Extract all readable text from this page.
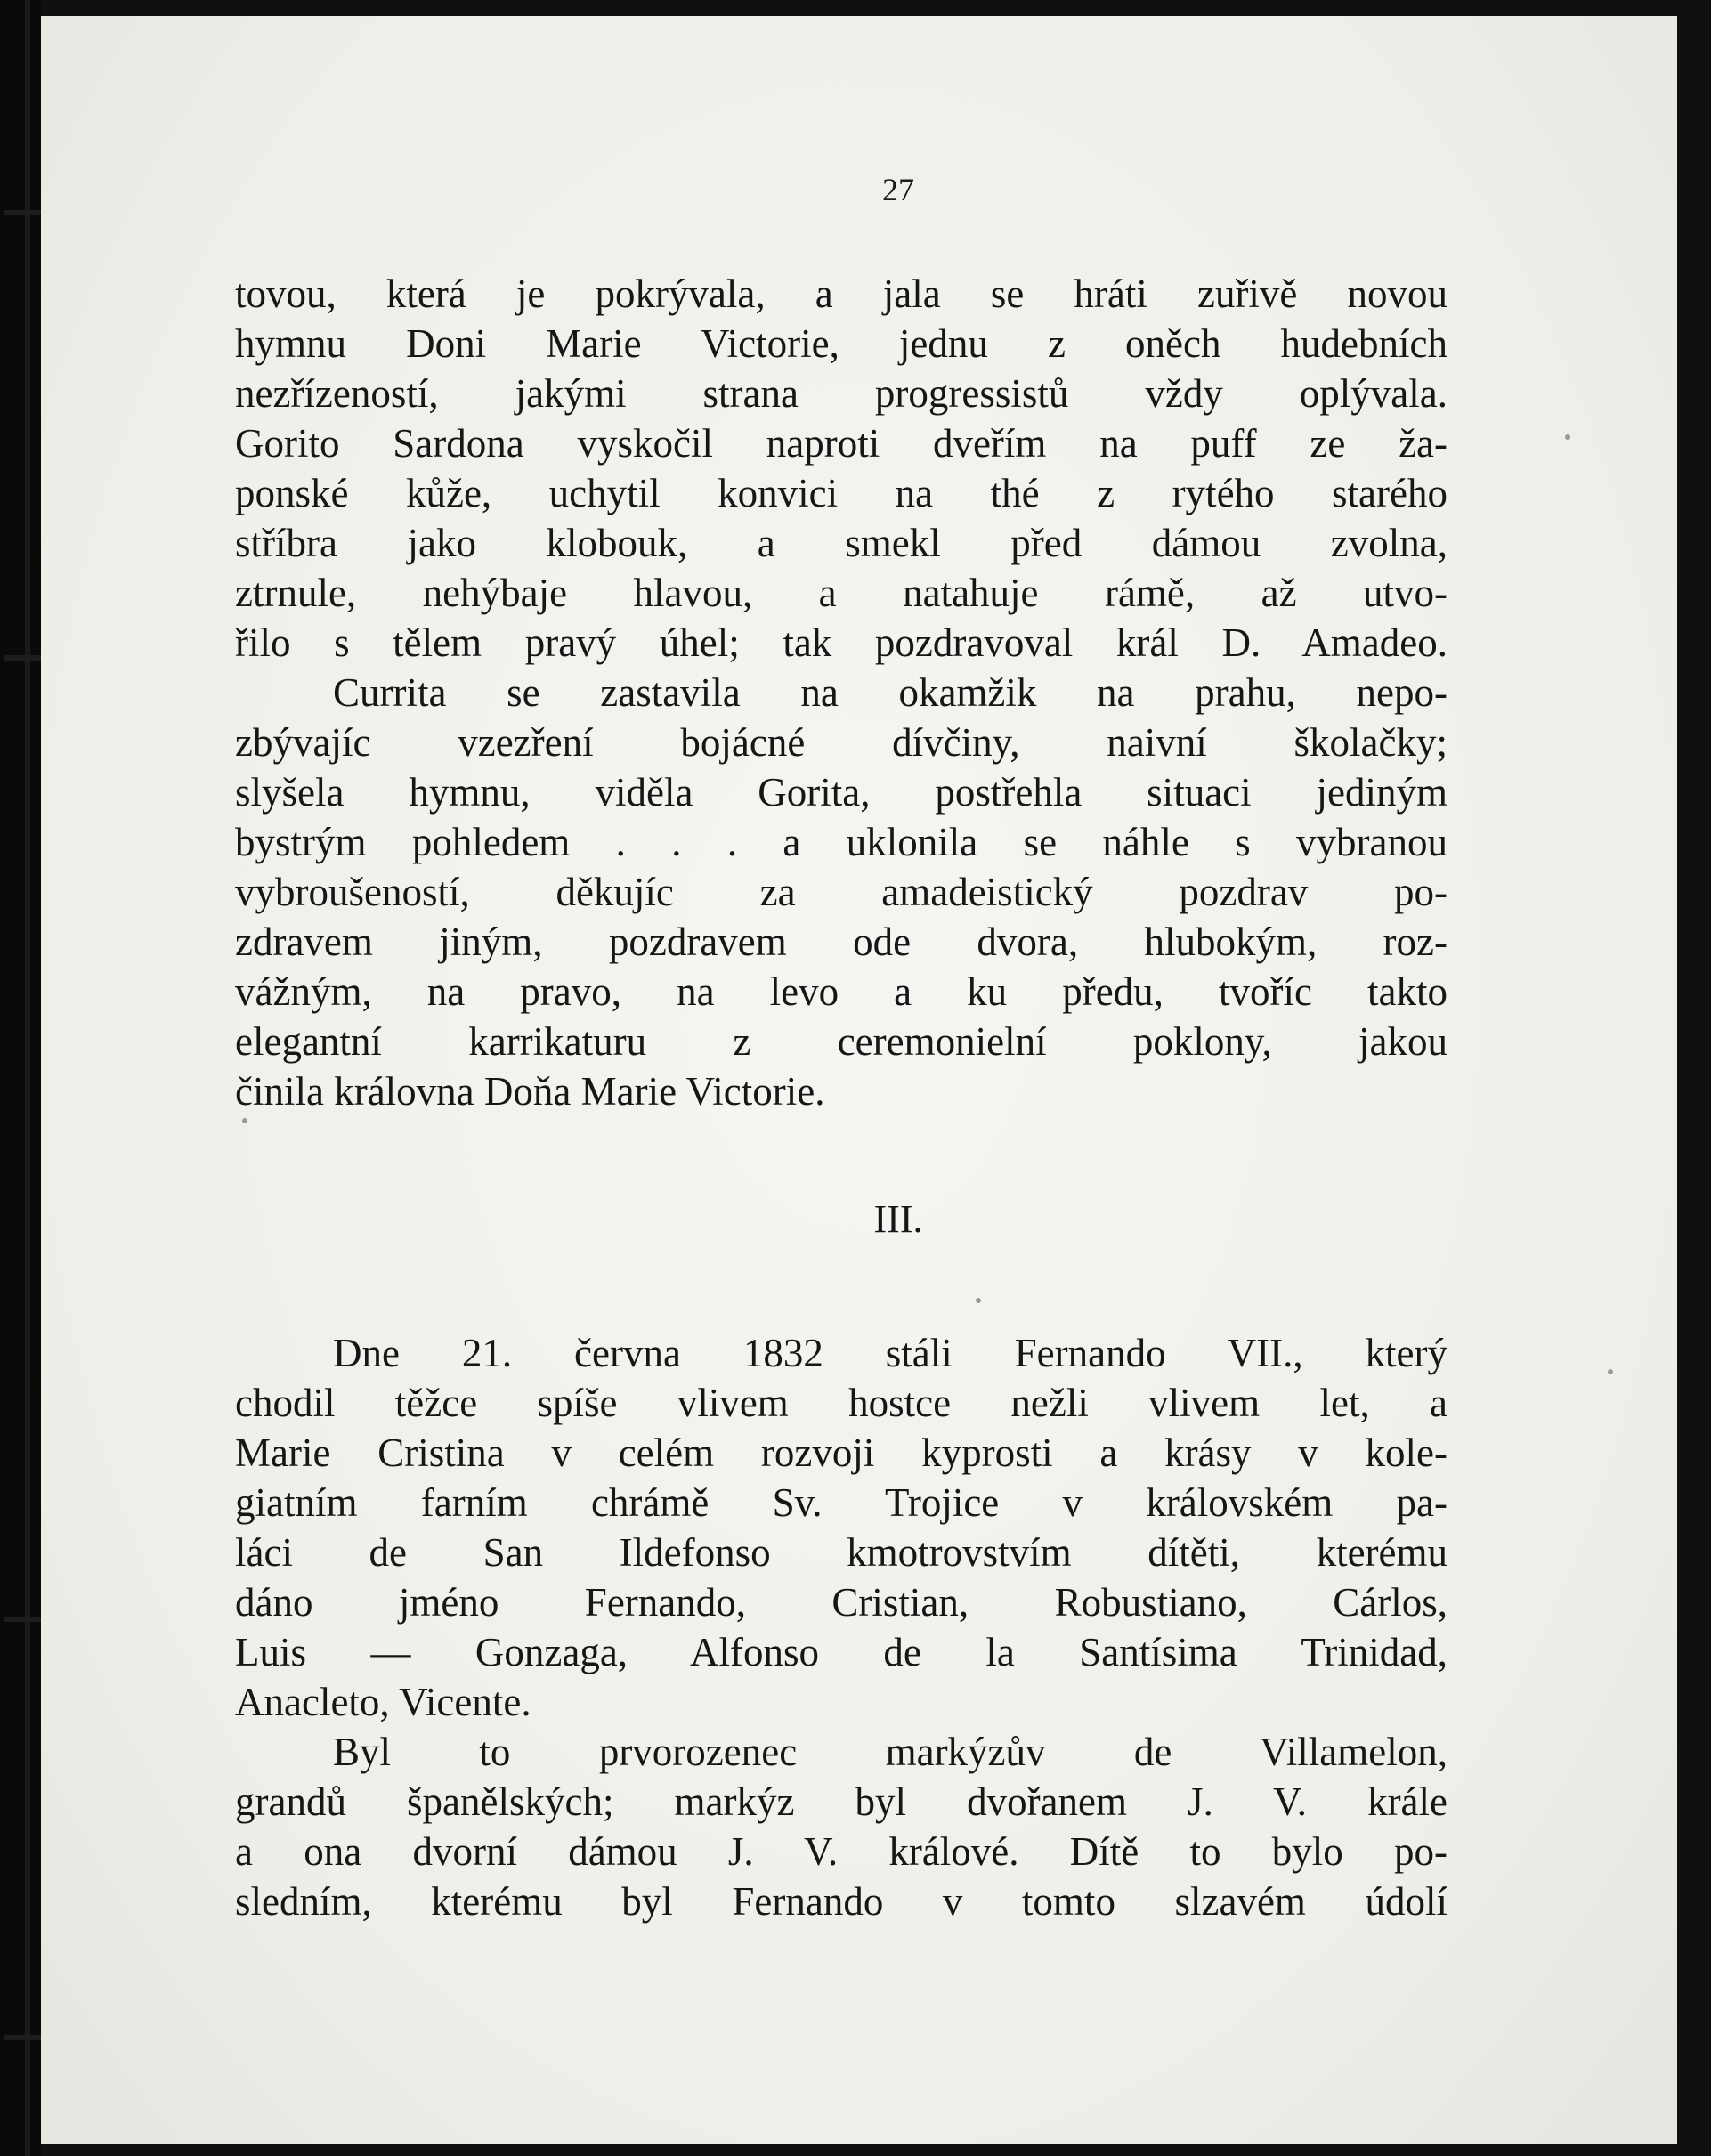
27
tovou, která je pokrývala, a jala se hráti zuřivě novou
hymnu Doni Marie Victorie, jednu z oněch hudebních
nezřízeností, jakými strana progressistů vždy oplývala.
Gorito Sardona vyskočil naproti dveřím na puff ze ža-
ponské kůže, uchytil konvici na thé z rytého starého
stříbra jako klobouk, a smekl před dámou zvolna,
ztrnule, nehýbaje hlavou, a natahuje rámě, až utvo-
řilo s tělem pravý úhel; tak pozdravoval král D. Amadeo.
Currita se zastavila na okamžik na prahu, nepo-
zbývajíc vzezření bojácné dívčiny, naivní školačky;
slyšela hymnu, viděla Gorita, postřehla situaci jediným
bystrým pohledem . . . a uklonila se náhle s vybranou
vybroušeností, děkujíc za amadeistický pozdrav po-
zdravem jiným, pozdravem ode dvora, hlubokým, roz-
vážným, na pravo, na levo a ku předu, tvoříc takto
elegantní karrikaturu z ceremonielní poklony, jakou
činila královna Doňa Marie Victorie.
III.
Dne 21. června 1832 stáli Fernando VII., který
chodil těžce spíše vlivem hostce nežli vlivem let, a
Marie Cristina v celém rozvoji kyprosti a krásy v kole-
giatním farním chrámě Sv. Trojice v královském pa-
láci de San Ildefonso kmotrovstvím dítěti, kterému
dáno jméno Fernando, Cristian, Robustiano, Cárlos,
Luis — Gonzaga, Alfonso de la Santísima Trinidad,
Anacleto, Vicente.
Byl to prvorozenec markýzův de Villamelon,
grandů španělských; markýz byl dvořanem J. V. krále
a ona dvorní dámou J. V. králové. Dítě to bylo po-
sledním, kterému byl Fernando v tomto slzavém údolí
